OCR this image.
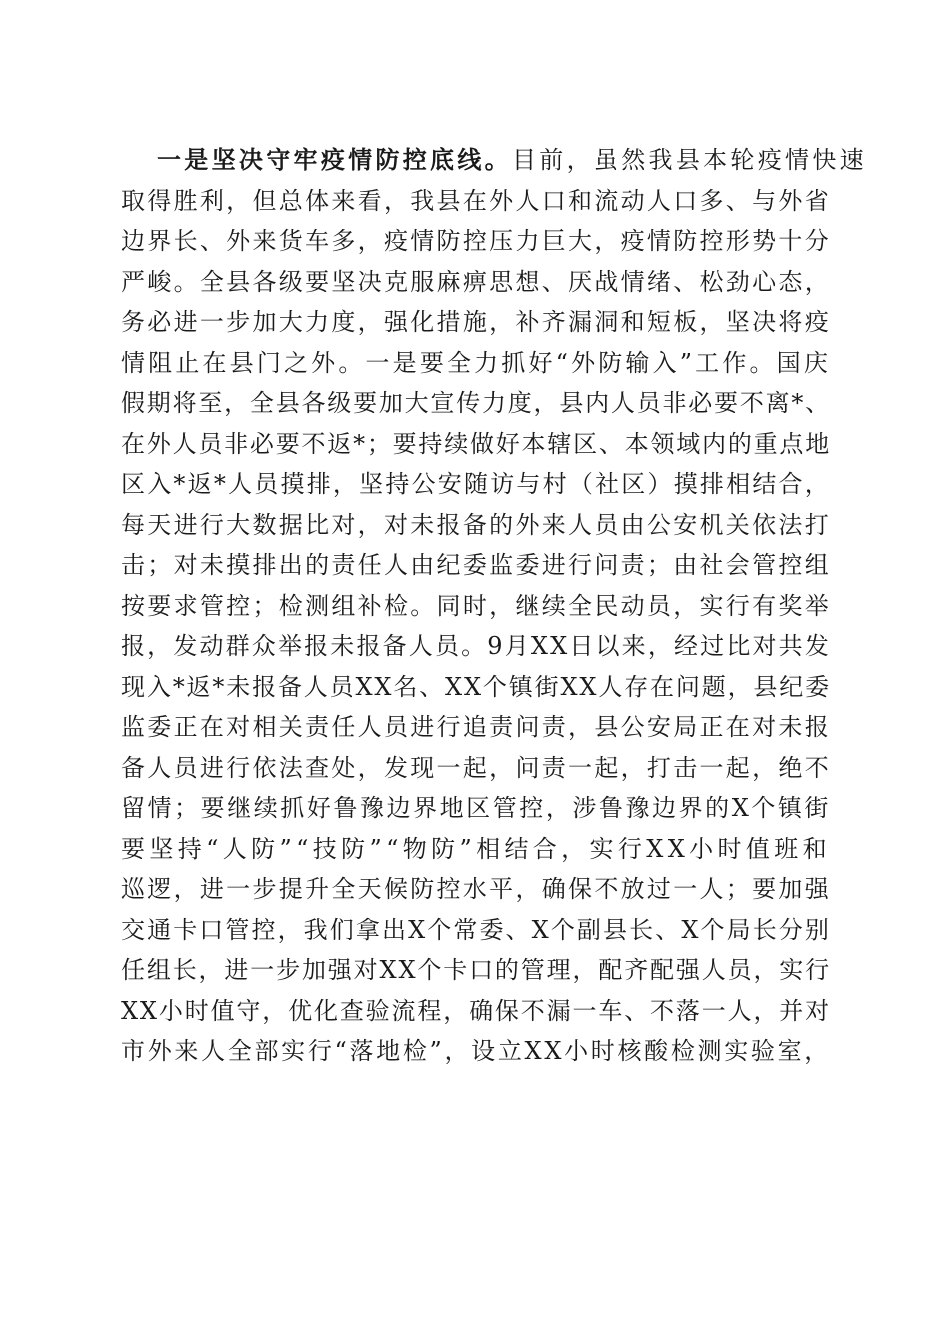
一是坚决守牢疫情防控底线。目前，虽然我县本轮疫情快速
取得胜利，但总体来看，我县在外人口和流动人口多、与外省
边界长、外来货车多，疫情防控压力巨大，疫情防控形势十分
严峻。全县各级要坚决克服麻痹思想、厌战情绪、松劲心态，
务必进一步加大力度，强化措施，补齐漏洞和短板，坚决将疫
情阻止在县门之外。一是要全力抓好“外防输入”工作。国庆
假期将至，全县各级要加大宣传力度，县内人员非必要不离*、
在外人员非必要不返*；要持续做好本辖区、本领域内的重点地
区入*返*人员摸排，坚持公安随访与村（社区）摸排相结合，
每天进行大数据比对，对未报备的外来人员由公安机关依法打
击；对未摸排出的责任人由纪委监委进行问责；由社会管控组
按要求管控；检测组补检。同时，继续全民动员，实行有奖举
报，发动群众举报未报备人员。9月XX日以来，经过比对共发
现入*返*未报备人员XX名、XX个镇街XX人存在问题，县纪委
监委正在对相关责任人员进行追责问责，县公安局正在对未报
备人员进行依法查处，发现一起，问责一起，打击一起，绝不
留情；要继续抓好鲁豫边界地区管控，涉鲁豫边界的X个镇街
要坚持“人防”“技防”“物防”相结合，实行XX小时值班和
巡逻，进一步提升全天候防控水平，确保不放过一人；要加强
交通卡口管控，我们拿出X个常委、X个副县长、X个局长分别
任组长，进一步加强对XX个卡口的管理，配齐配强人员，实行
XX小时值守，优化查验流程，确保不漏一车、不落一人，并对
市外来人全部实行“落地检”，设立XX小时核酸检测实验室，
